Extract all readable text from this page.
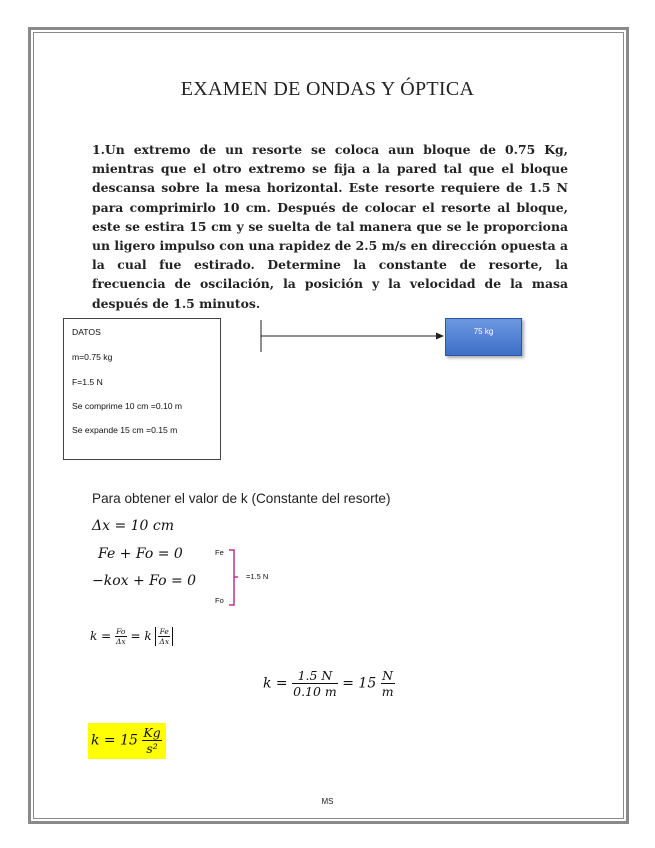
EXAMEN DE ONDAS Y ÓPTICA
1.Un extremo de un resorte se coloca aun bloque de 0.75 Kg, mientras que el otro extremo se fija a la pared tal que el bloque descansa sobre la mesa horizontal. Este resorte requiere de 1.5 N para comprimirlo 10 cm. Después de colocar el resorte al bloque, este se estira 15 cm y se suelta de tal manera que se le proporciona un ligero impulso con una rapidez de 2.5 m/s en dirección opuesta a la cual fue estirado. Determine la constante de resorte, la frecuencia de oscilación, la posición y la velocidad de la masa después de 1.5 minutos.
DATOS
m=0.75 kg
F=1.5 N
Se comprime 10 cm =0.10 m
Se expande 15 cm =0.15 m
75 kg
Para obtener el valor de k (Constante del resorte)
Δx = 10 cm
Fe + Fo = 0
−kox + Fo = 0
Fe
Fo
=1.5 N
$k = \frac{Fo}{\Delta x} = k \frac{Fe}{\Delta x}$
$k = \frac{1.5 N}{0.10 m} = 15 \frac{N}{m}$
$k = 15 \frac{Kg}{\text{s²}}$
MS
